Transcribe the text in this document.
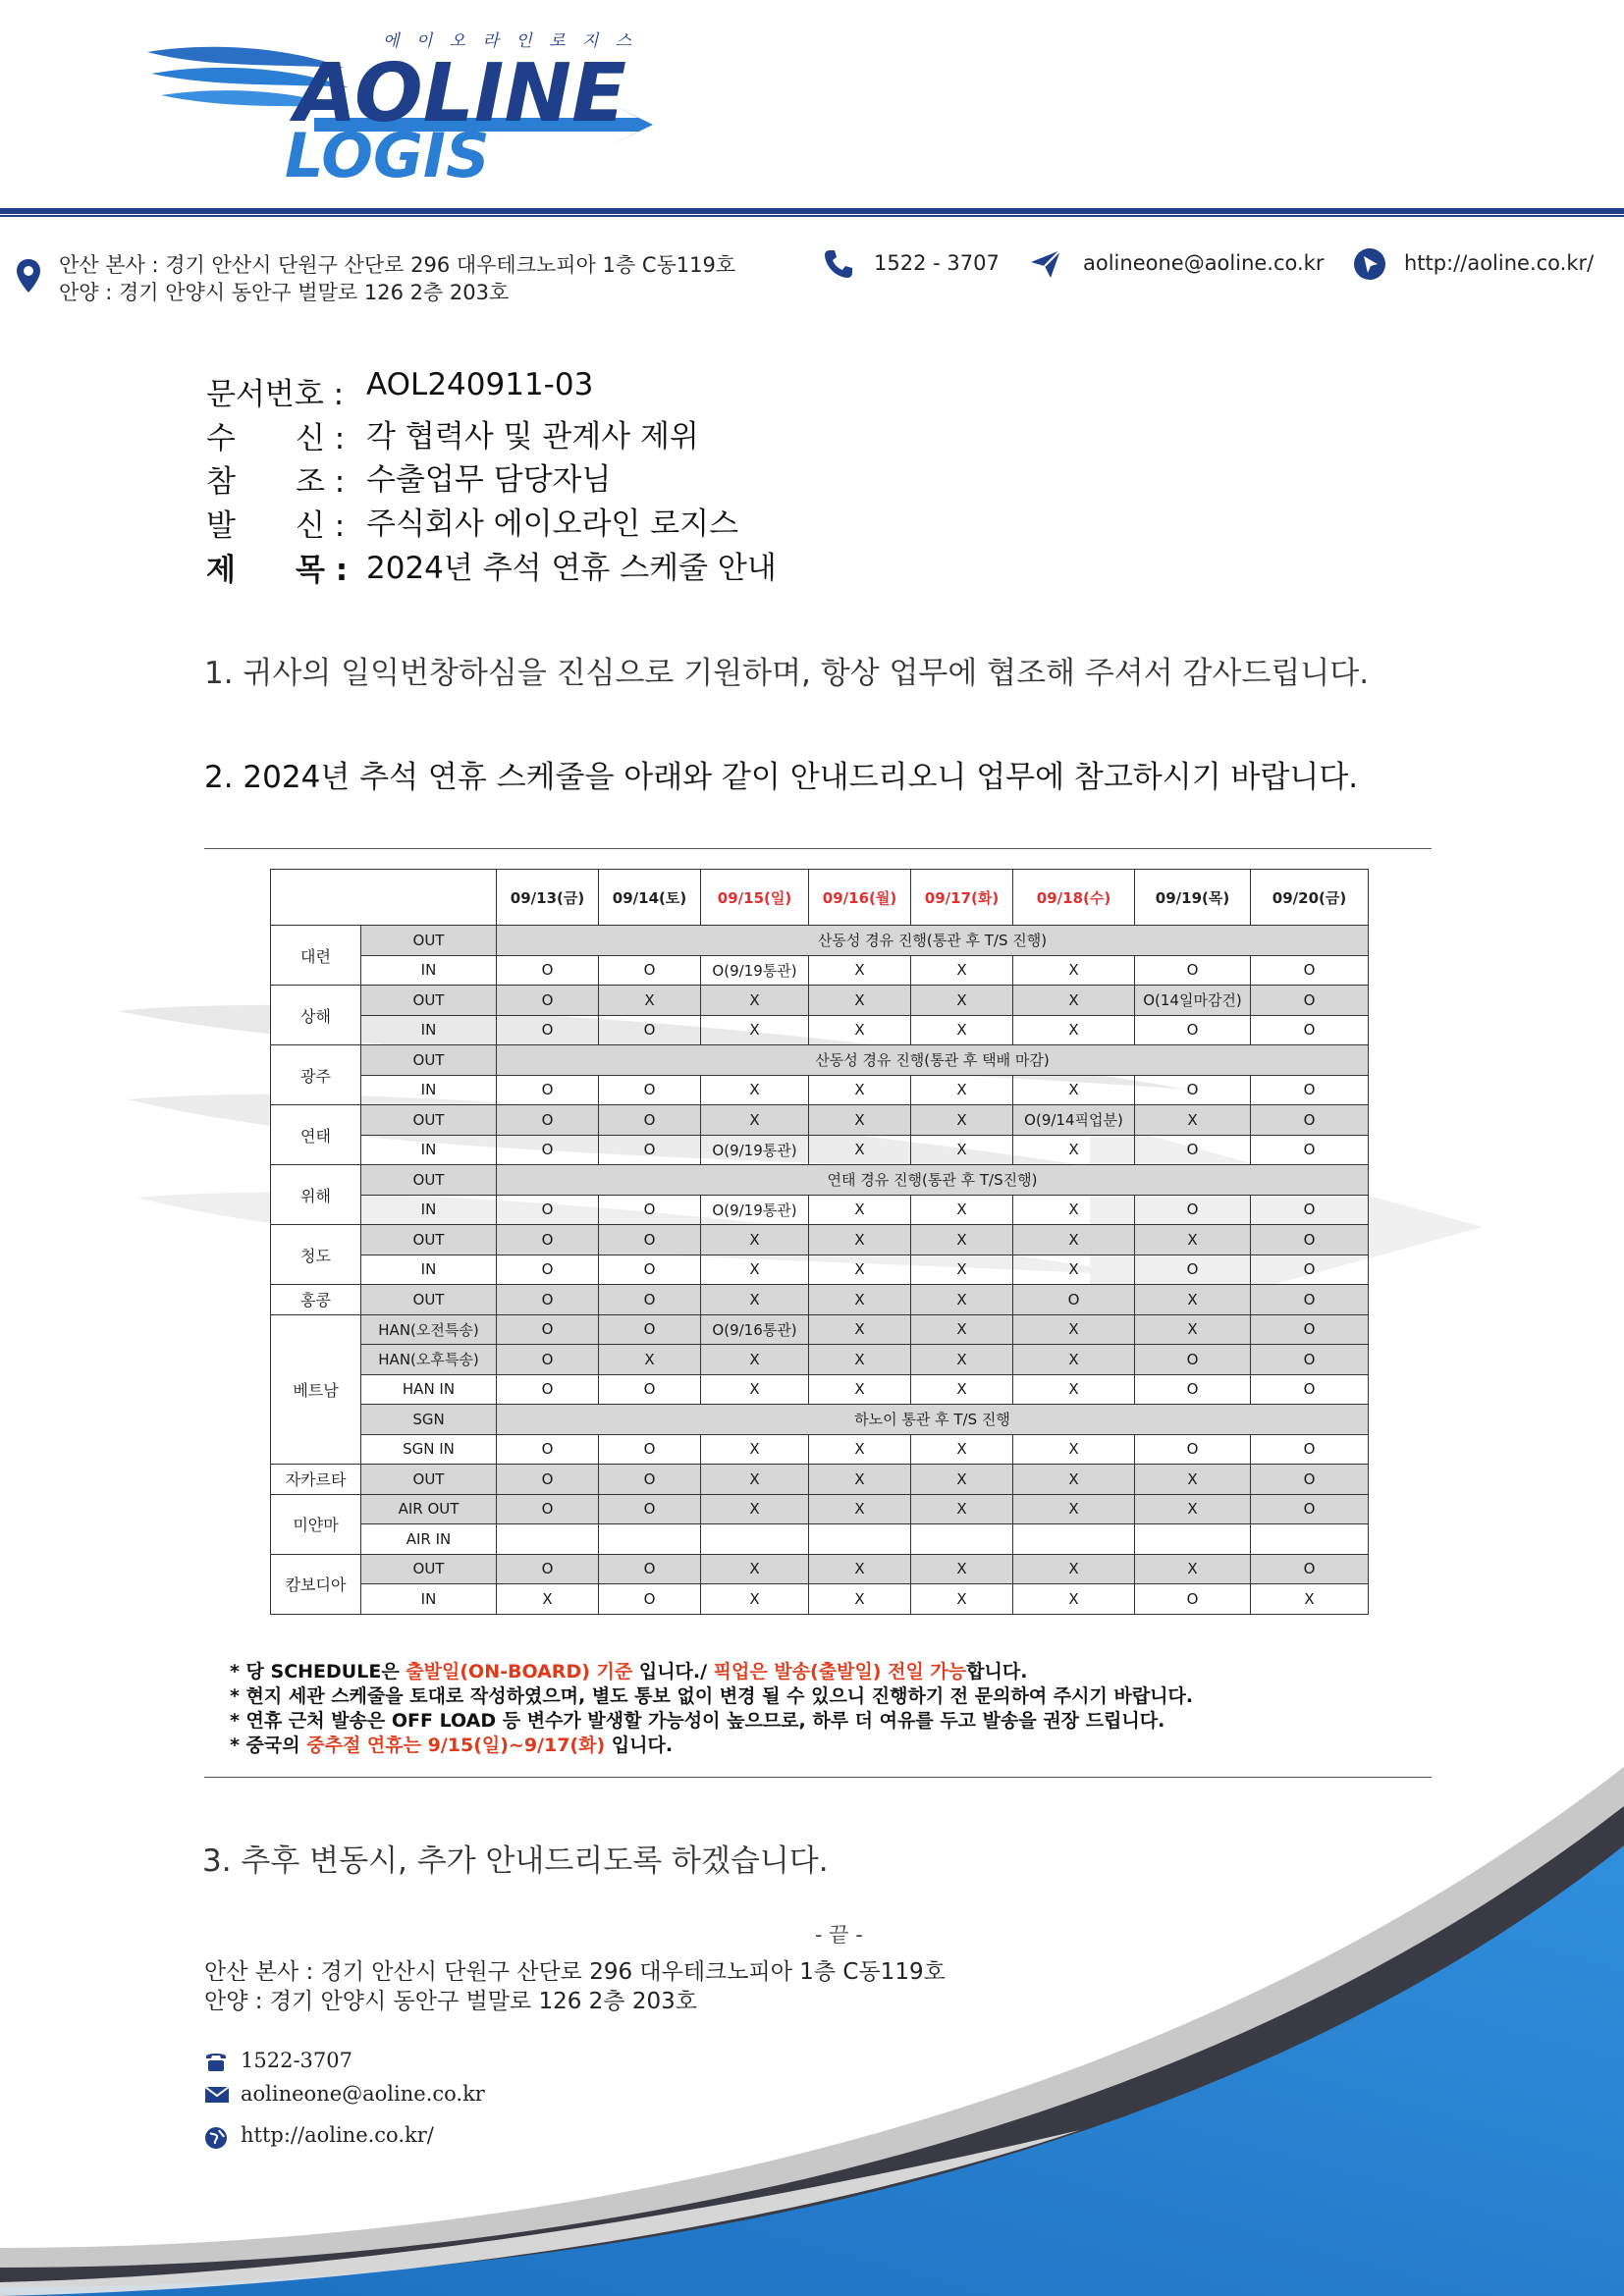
에 이 오 라 인 로 지 스
AOLINE
LOGIS
안산 본사 : 경기 안산시 단원구 산단로 296 대우테크노피아 1층 C동119호
안양 : 경기 안양시 동안구 벌말로 126 2층 203호
1522 - 3707	aolineone@aoline.co.kr	http://aoline.co.kr/
문서번호 : AOL240911-03
수 신 : 각 협력사 및 관계사 제위
참 조 : 수출업무 담당자님
발 신 : 주식회사 에이오라인 로지스
제 목 : 2024년 추석 연휴 스케줄 안내
1. 귀사의 일익번창하심을 진심으로 기원하며, 항상 업무에 협조해 주셔서 감사드립니다.
2. 2024년 추석 연휴 스케줄을 아래와 같이 안내드리오니 업무에 참고하시기 바랍니다.
		09/13(금)	09/14(토)	09/15(일)	09/16(월)	09/17(화)	09/18(수)	09/19(목)	09/20(금)
대련	OUT	산동성 경유 진행(통관 후 T/S 진행)							
	IN	O	O	O(9/19통관)	X	X	X	O	O
상해	OUT	O	X	X	X	X	X	O(14일마감건)	O
	IN	O	O	X	X	X	X	O	O
광주	OUT	산동성 경유 진행(통관 후 택배 마감)							
	IN	O	O	X	X	X	X	O	O
연태	OUT	O	O	X	X	X	O(9/14픽업분)	X	O
	IN	O	O	O(9/19통관)	X	X	X	O	O
위해	OUT	연태 경유 진행(통관 후 T/S진행)							
	IN	O	O	O(9/19통관)	X	X	X	O	O
청도	OUT	O	O	X	X	X	X	X	O
	IN	O	O	X	X	X	X	O	O
홍콩	OUT	O	O	X	X	X	O	X	O
베트남	HAN(오전특송)	O	O	O(9/16통관)	X	X	X	X	O
	HAN(오후특송)	O	X	X	X	X	X	O	O
	HAN IN	O	O	X	X	X	X	O	O
	SGN	하노이 통관 후 T/S 진행							
	SGN IN	O	O	X	X	X	X	O	O
자카르타	OUT	O	O	X	X	X	X	X	O
미얀마	AIR OUT	O	O	X	X	X	X	X	O
	AIR IN								
캄보디아	OUT	O	O	X	X	X	X	X	O
	IN	X	O	X	X	X	X	O	X
* 당 SCHEDULE은 출발일(ON-BOARD) 기준 입니다./ 픽업은 발송(출발일) 전일 가능합니다.
* 현지 세관 스케줄을 토대로 작성하였으며, 별도 통보 없이 변경 될 수 있으니 진행하기 전 문의하여 주시기 바랍니다.
* 연휴 근처 발송은 OFF LOAD 등 변수가 발생할 가능성이 높으므로, 하루 더 여유를 두고 발송을 권장 드립니다.
* 중국의 중추절 연휴는 9/15(일)~9/17(화) 입니다.
3. 추후 변동시, 추가 안내드리도록 하겠습니다.
- 끝 -
안산 본사 : 경기 안산시 단원구 산단로 296 대우테크노피아 1층 C동119호
안양 : 경기 안양시 동안구 벌말로 126 2층 203호
1522-3707
aolineone@aoline.co.kr
http://aoline.co.kr/
